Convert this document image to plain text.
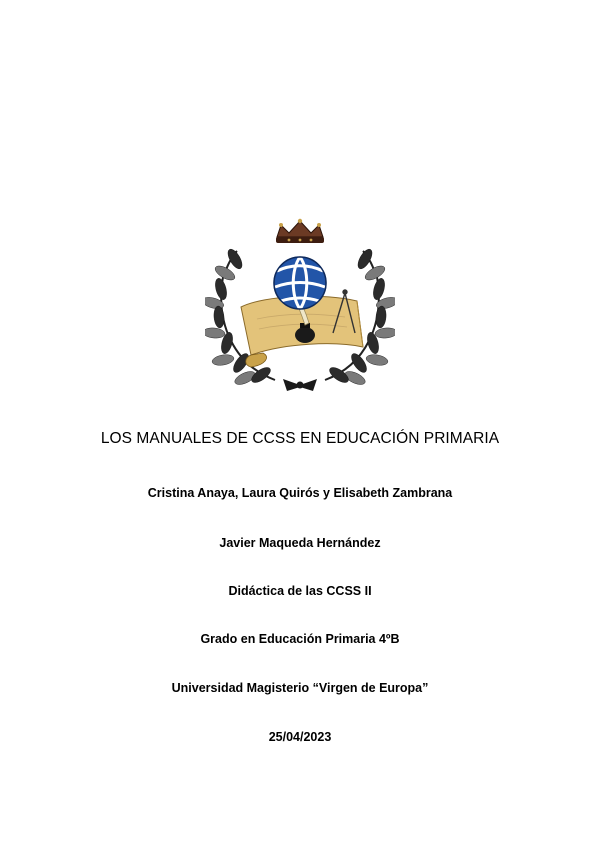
LOS MANUALES DE CCSS EN EDUCACIÓN PRIMARIA
Cristina Anaya, Laura Quirós y Elisabeth Zambrana
Javier Maqueda Hernández
Didáctica de las CCSS II
Grado en Educación Primaria 4ºB
Universidad Magisterio “Virgen de Europa”
25/04/2023
